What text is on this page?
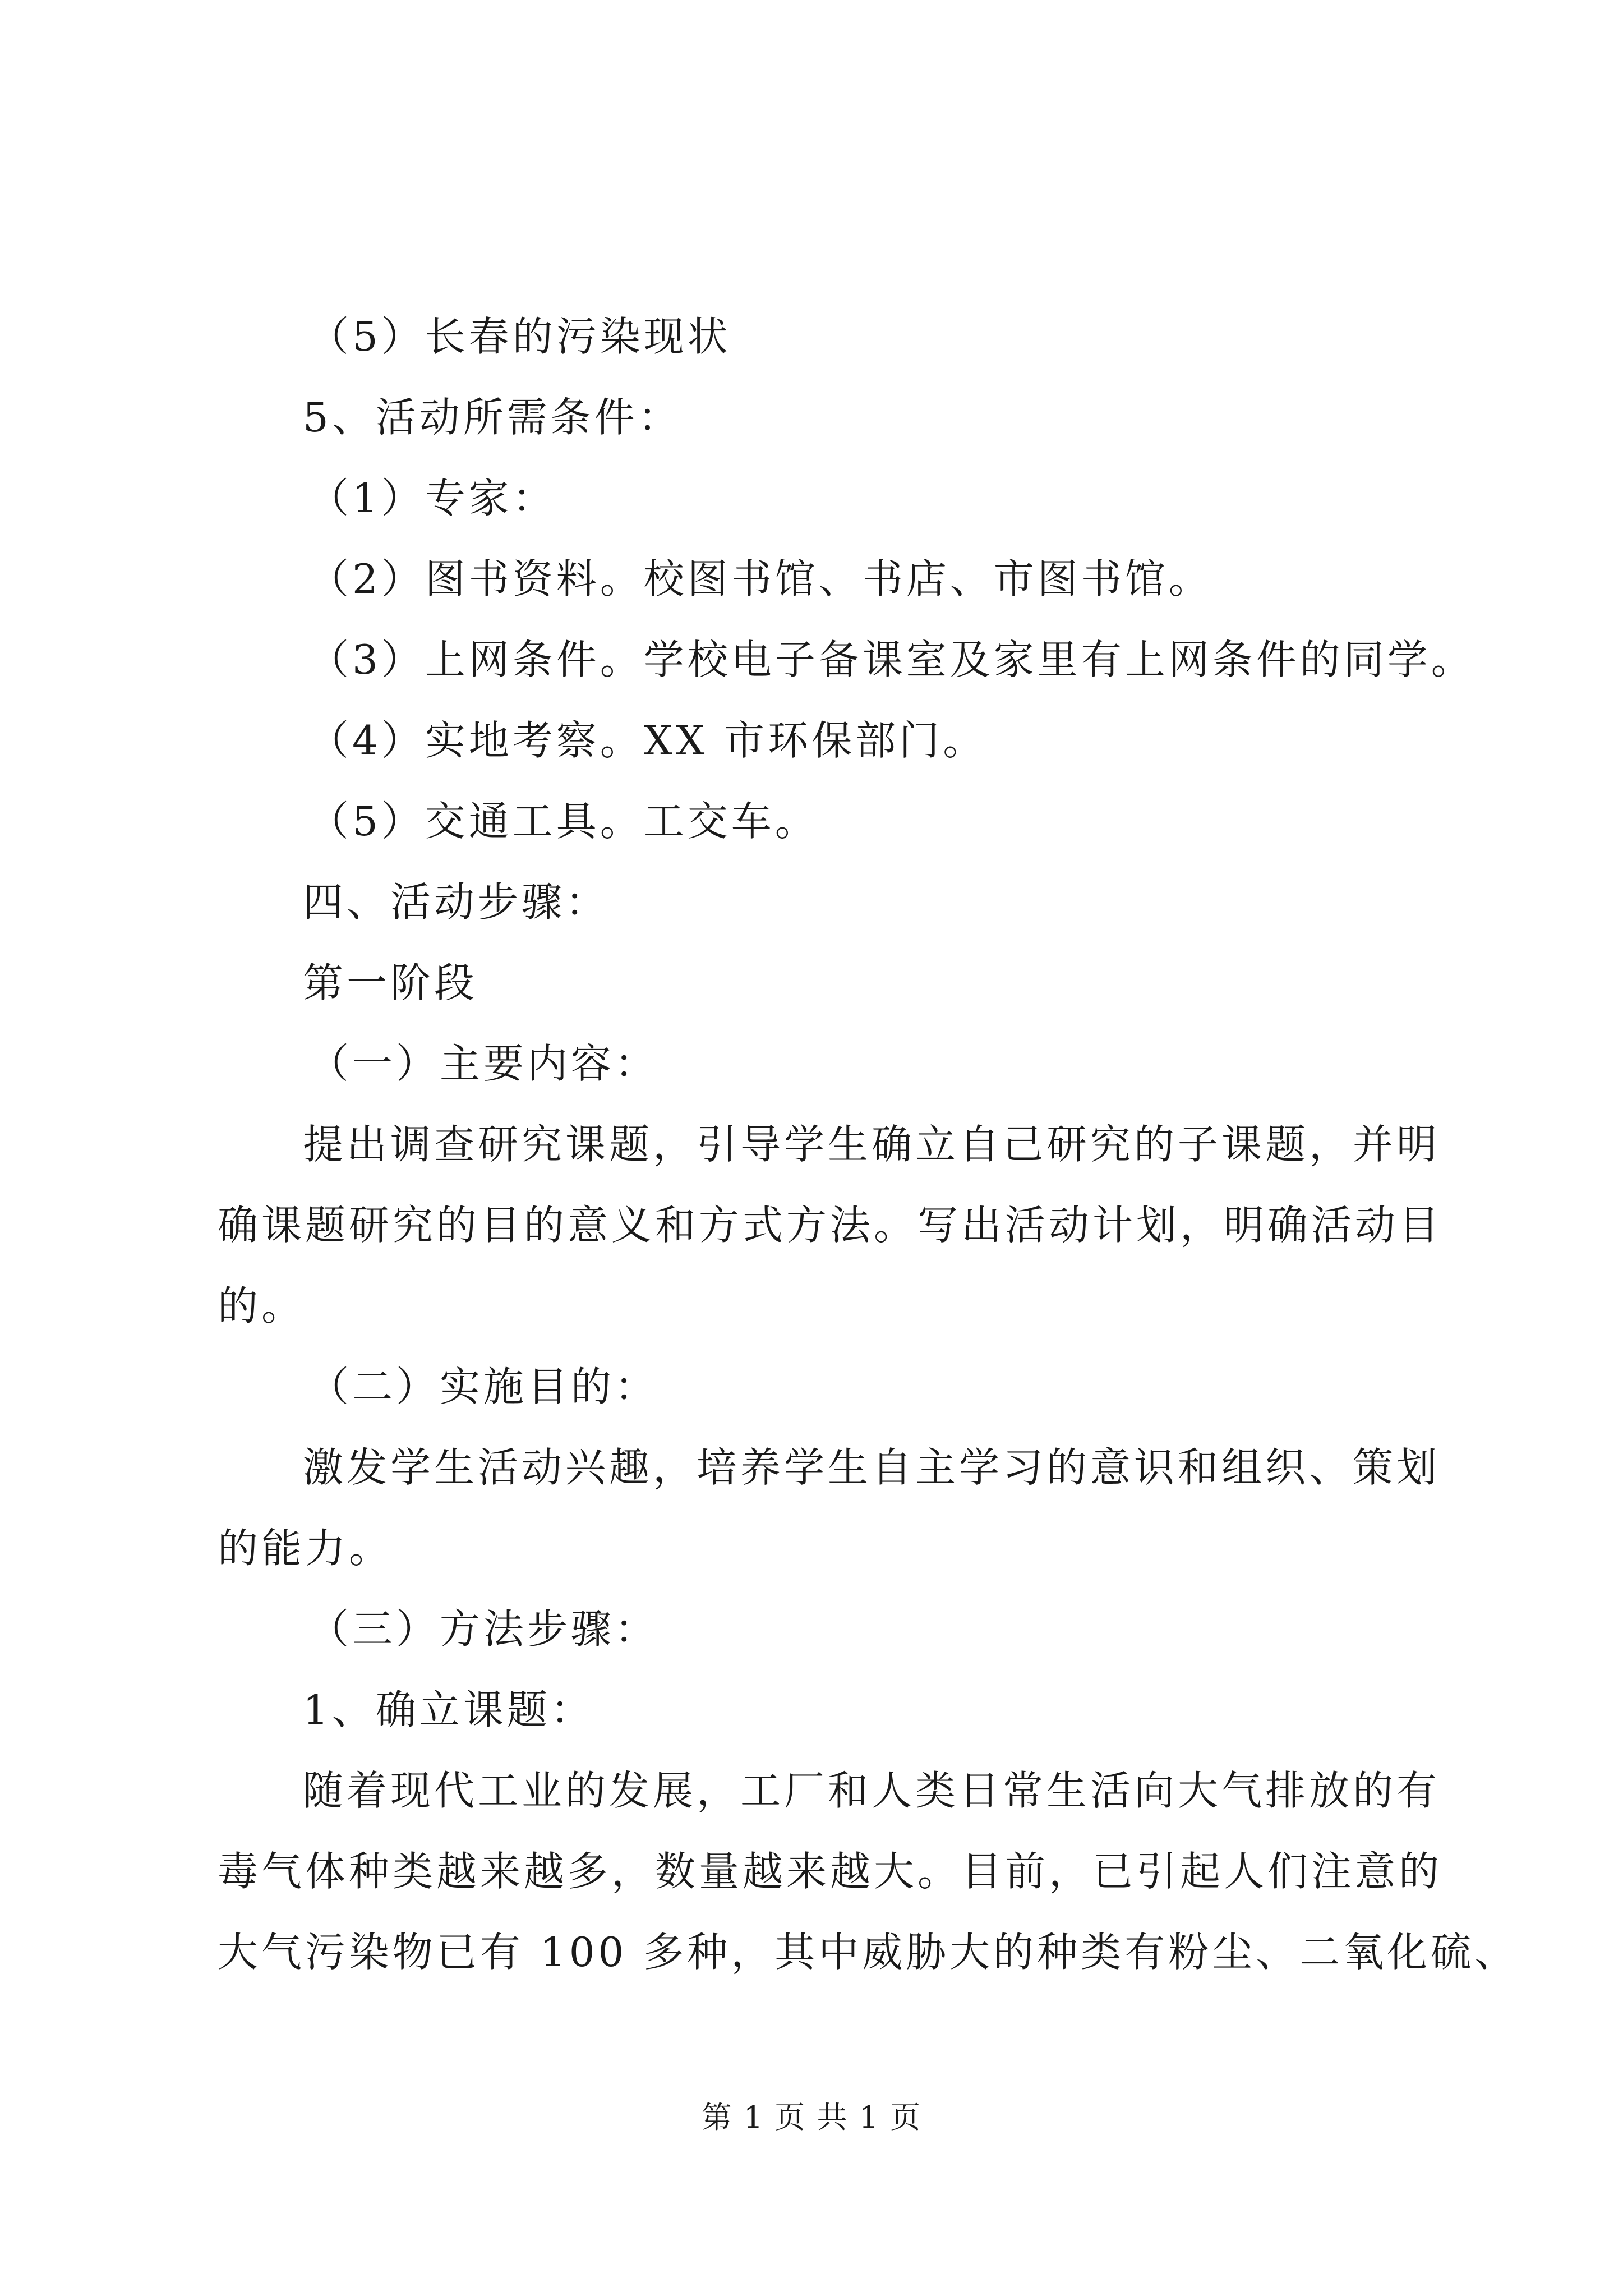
（5）长春的污染现状
5、活动所需条件：
（1）专家：
（2）图书资料。校图书馆、书店、市图书馆。
（3）上网条件。学校电子备课室及家里有上网条件的同学。
（4）实地考察。XX 市环保部门。
（5）交通工具。工交车。
四、活动步骤：
第一阶段
（一）主要内容：
提出调查研究课题，引导学生确立自己研究的子课题，并明
确课题研究的目的意义和方式方法。写出活动计划，明确活动目
的。
（二）实施目的：
激发学生活动兴趣，培养学生自主学习的意识和组织、策划
的能力。
（三）方法步骤：
1、确立课题：
随着现代工业的发展，工厂和人类日常生活向大气排放的有
毒气体种类越来越多，数量越来越大。目前，已引起人们注意的
大气污染物已有 100 多种，其中威胁大的种类有粉尘、二氧化硫、
第 1 页 共 1 页
